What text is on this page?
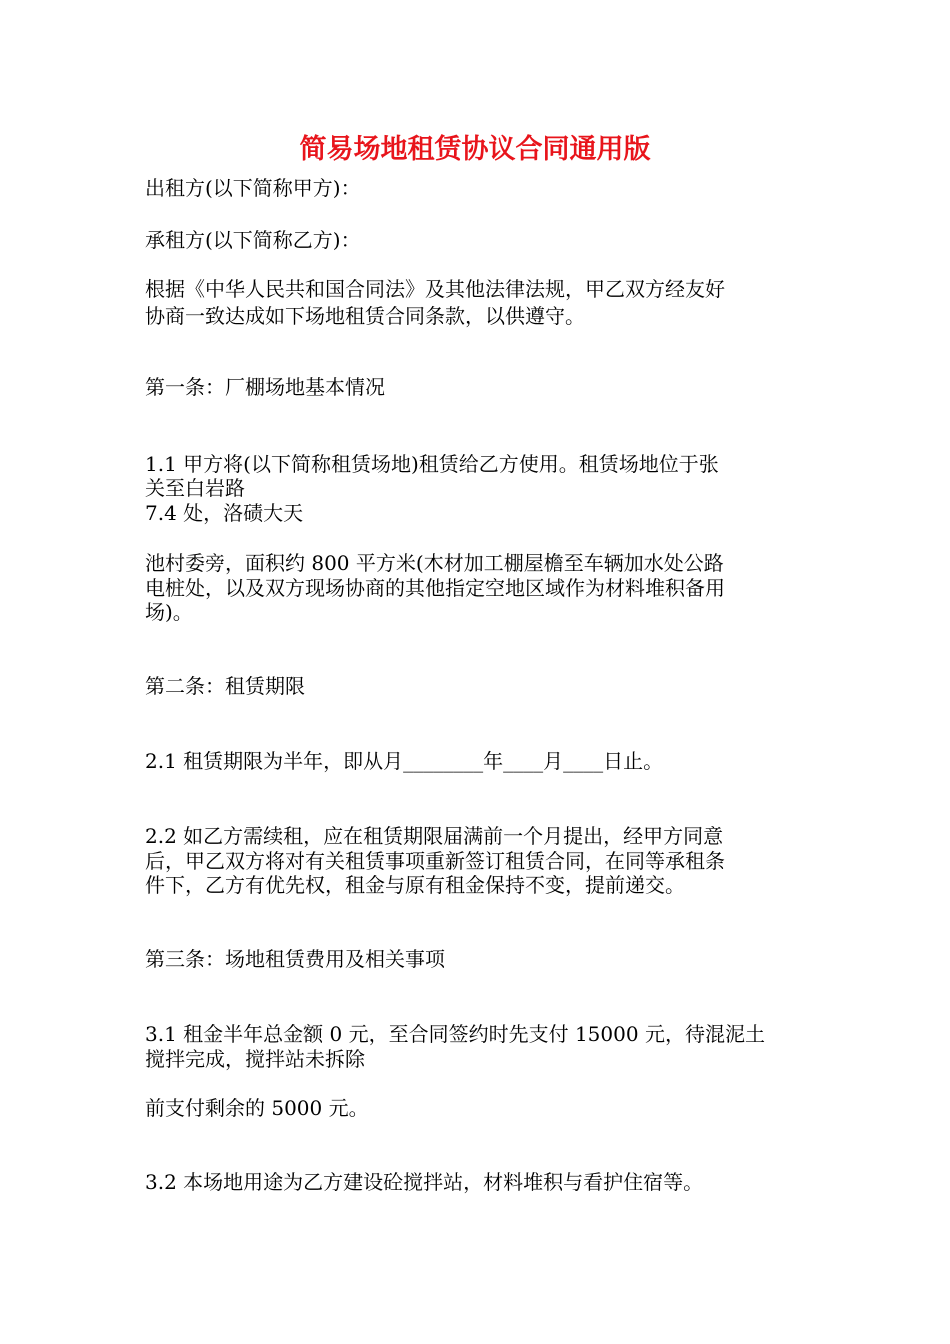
简易场地租赁协议合同通用版
出租方(以下简称甲方)：
承租方(以下简称乙方)：
根据《中华人民共和国合同法》及其他法律法规，甲乙双方经友好
协商一致达成如下场地租赁合同条款，以供遵守。
第一条：厂棚场地基本情况
1.1 甲方将(以下简称租赁场地)租赁给乙方使用。租赁场地位于张
关至白岩路
7.4 处，洛碛大天
池村委旁，面积约 800 平方米(木材加工棚屋檐至车辆加水处公路
电桩处，以及双方现场协商的其他指定空地区域作为材料堆积备用
场)。
第二条：租赁期限
2.1 租赁期限为半年，即从月________年____月____日止。
2.2 如乙方需续租，应在租赁期限届满前一个月提出，经甲方同意
后，甲乙双方将对有关租赁事项重新签订租赁合同，在同等承租条
件下，乙方有优先权，租金与原有租金保持不变，提前递交。
第三条：场地租赁费用及相关事项
3.1 租金半年总金额 0 元，至合同签约时先支付 15000 元，待混泥土
搅拌完成，搅拌站未拆除
前支付剩余的 5000 元。
3.2 本场地用途为乙方建设砼搅拌站，材料堆积与看护住宿等。
